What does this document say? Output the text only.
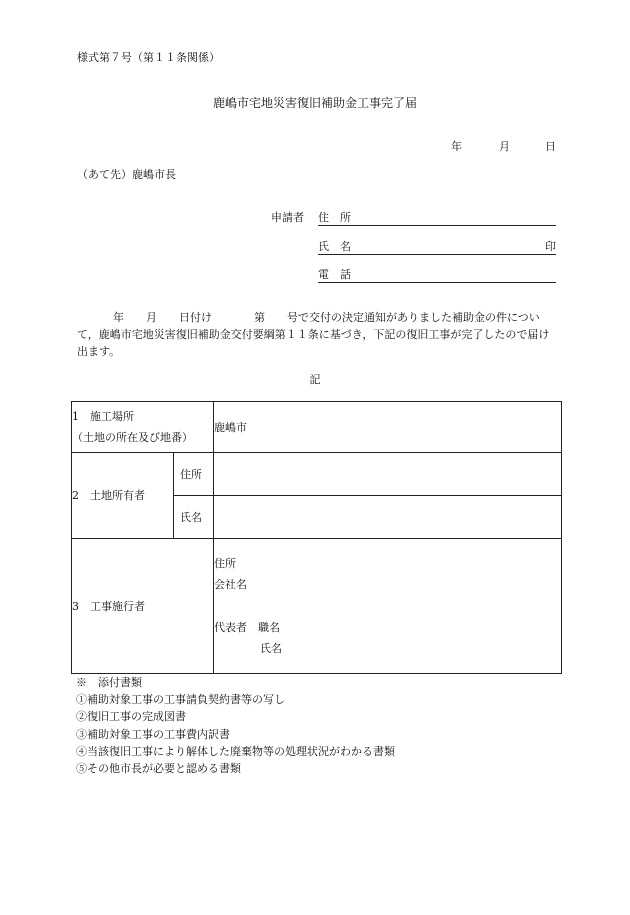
様式第７号（第１１条関係）
鹿嶋市宅地災害復旧補助金工事完了届
年	月	日
（あて先）鹿嶋市長
申請者 住　所
氏　名	印
電　話
年 月 日付け	第 号で交付の決定通知がありました補助金の件について，鹿嶋市宅地災害復旧補助金交付要綱第１１条に基づき，下記の復旧工事が完了したので届け出ます。
記
1　施工場所
（土地の所在及び地番）		鹿嶋市
2　土地所有者	住所	
	氏名	
3　工事施行者		住所
会社名
代表者　 職名
氏名
※　添付書類
①補助対象工事の工事請負契約書等の写し
②復旧工事の完成図書
③補助対象工事の工事費内訳書
④当該復旧工事により解体した廃棄物等の処理状況がわかる書類
⑤その他市長が必要と認める書類
